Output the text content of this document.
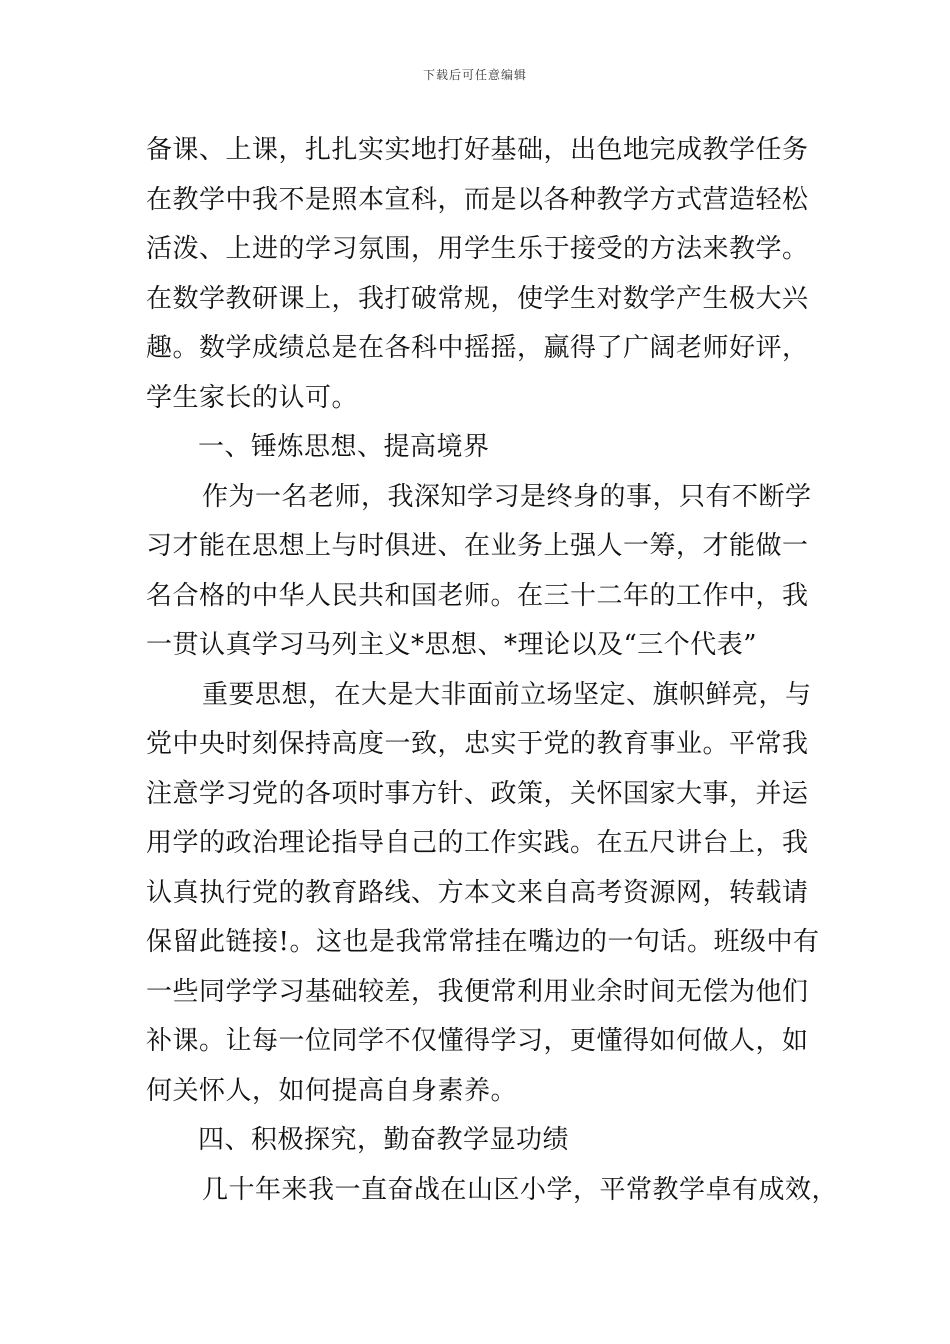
下载后可任意编辑
备课、上课，扎扎实实地打好基础，出色地完成教学任务
在教学中我不是照本宣科，而是以各种教学方式营造轻松
活泼、上进的学习氛围，用学生乐于接受的方法来教学。
在数学教研课上，我打破常规，使学生对数学产生极大兴
趣。数学成绩总是在各科中摇摇，赢得了广阔老师好评，
学生家长的认可。
一、锤炼思想、提高境界
作为一名老师，我深知学习是终身的事，只有不断学
习才能在思想上与时俱进、在业务上强人一筹，才能做一
名合格的中华人民共和国老师。在三十二年的工作中，我
一贯认真学习马列主义*思想、*理论以及“三个代表”
重要思想，在大是大非面前立场坚定、旗帜鲜亮，与
党中央时刻保持高度一致，忠实于党的教育事业。平常我
注意学习党的各项时事方针、政策，关怀国家大事，并运
用学的政治理论指导自己的工作实践。在五尺讲台上，我
认真执行党的教育路线、方本文来自高考资源网，转载请
保留此链接!。这也是我常常挂在嘴边的一句话。班级中有
一些同学学习基础较差，我便常利用业余时间无偿为他们
补课。让每一位同学不仅懂得学习，更懂得如何做人，如
何关怀人，如何提高自身素养。
四、积极探究，勤奋教学显功绩
几十年来我一直奋战在山区小学，平常教学卓有成效，
